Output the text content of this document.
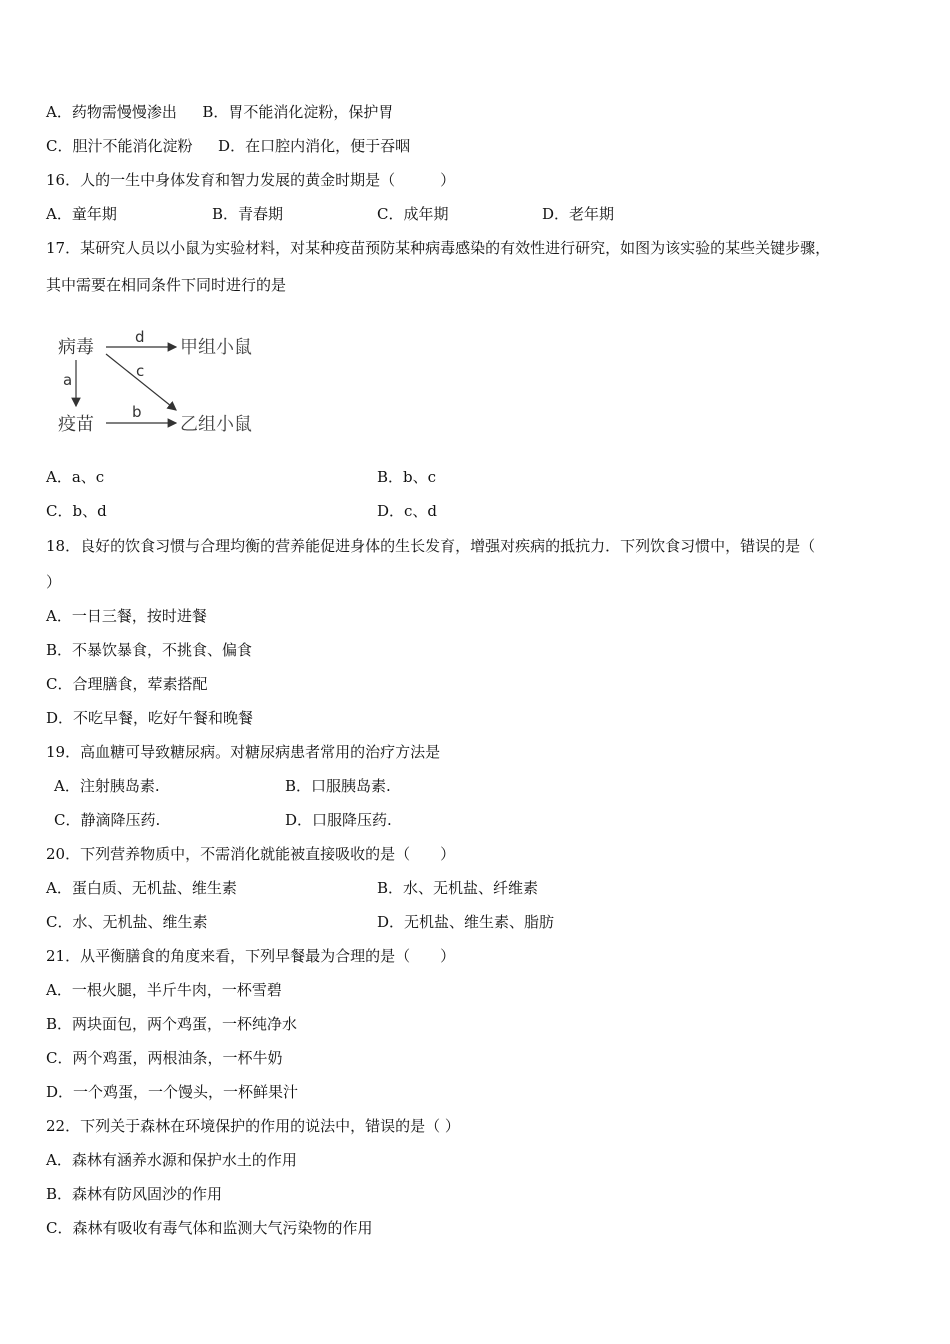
A．药物需慢慢渗出 B．胃不能消化淀粉，保护胃
C．胆汁不能消化淀粉 D．在口腔内消化，便于吞咽
16．人的一生中身体发育和智力发展的黄金时期是（　　　）
A．童年期	B．青春期	C．成年期	D．老年期
17．某研究人员以小鼠为实验材料，对某种疫苗预防某种病毒感染的有效性进行研究，如图为该实验的某些关键步骤，
其中需要在相同条件下同时进行的是
病毒
疫苗
甲组小鼠
乙组小鼠
d
c
a
b
A．a、c	B．b、c
C．b、d	D．c、d
18．良好的饮食习惯与合理均衡的营养能促进身体的生长发育，增强对疾病的抵抗力．下列饮食习惯中，错误的是（
）
A．一日三餐，按时进餐
B．不暴饮暴食，不挑食、偏食
C．合理膳食，荤素搭配
D．不吃早餐，吃好午餐和晚餐
19．高血糖可导致糖尿病。对糖尿病患者常用的治疗方法是
A．注射胰岛素.	B．口服胰岛素.
C．静滴降压药.	D．口服降压药.
20．下列营养物质中，不需消化就能被直接吸收的是（　　）
A．蛋白质、无机盐、维生素	B．水、无机盐、纤维素
C．水、无机盐、维生素	D．无机盐、维生素、脂肪
21．从平衡膳食的角度来看，下列早餐最为合理的是（　　）
A．一根火腿，半斤牛肉，一杯雪碧
B．两块面包，两个鸡蛋，一杯纯净水
C．两个鸡蛋，两根油条，一杯牛奶
D．一个鸡蛋，一个馒头，一杯鲜果汁
22．下列关于森林在环境保护的作用的说法中，错误的是（ ）
A．森林有涵养水源和保护水土的作用
B．森林有防风固沙的作用
C．森林有吸收有毒气体和监测大气污染物的作用
